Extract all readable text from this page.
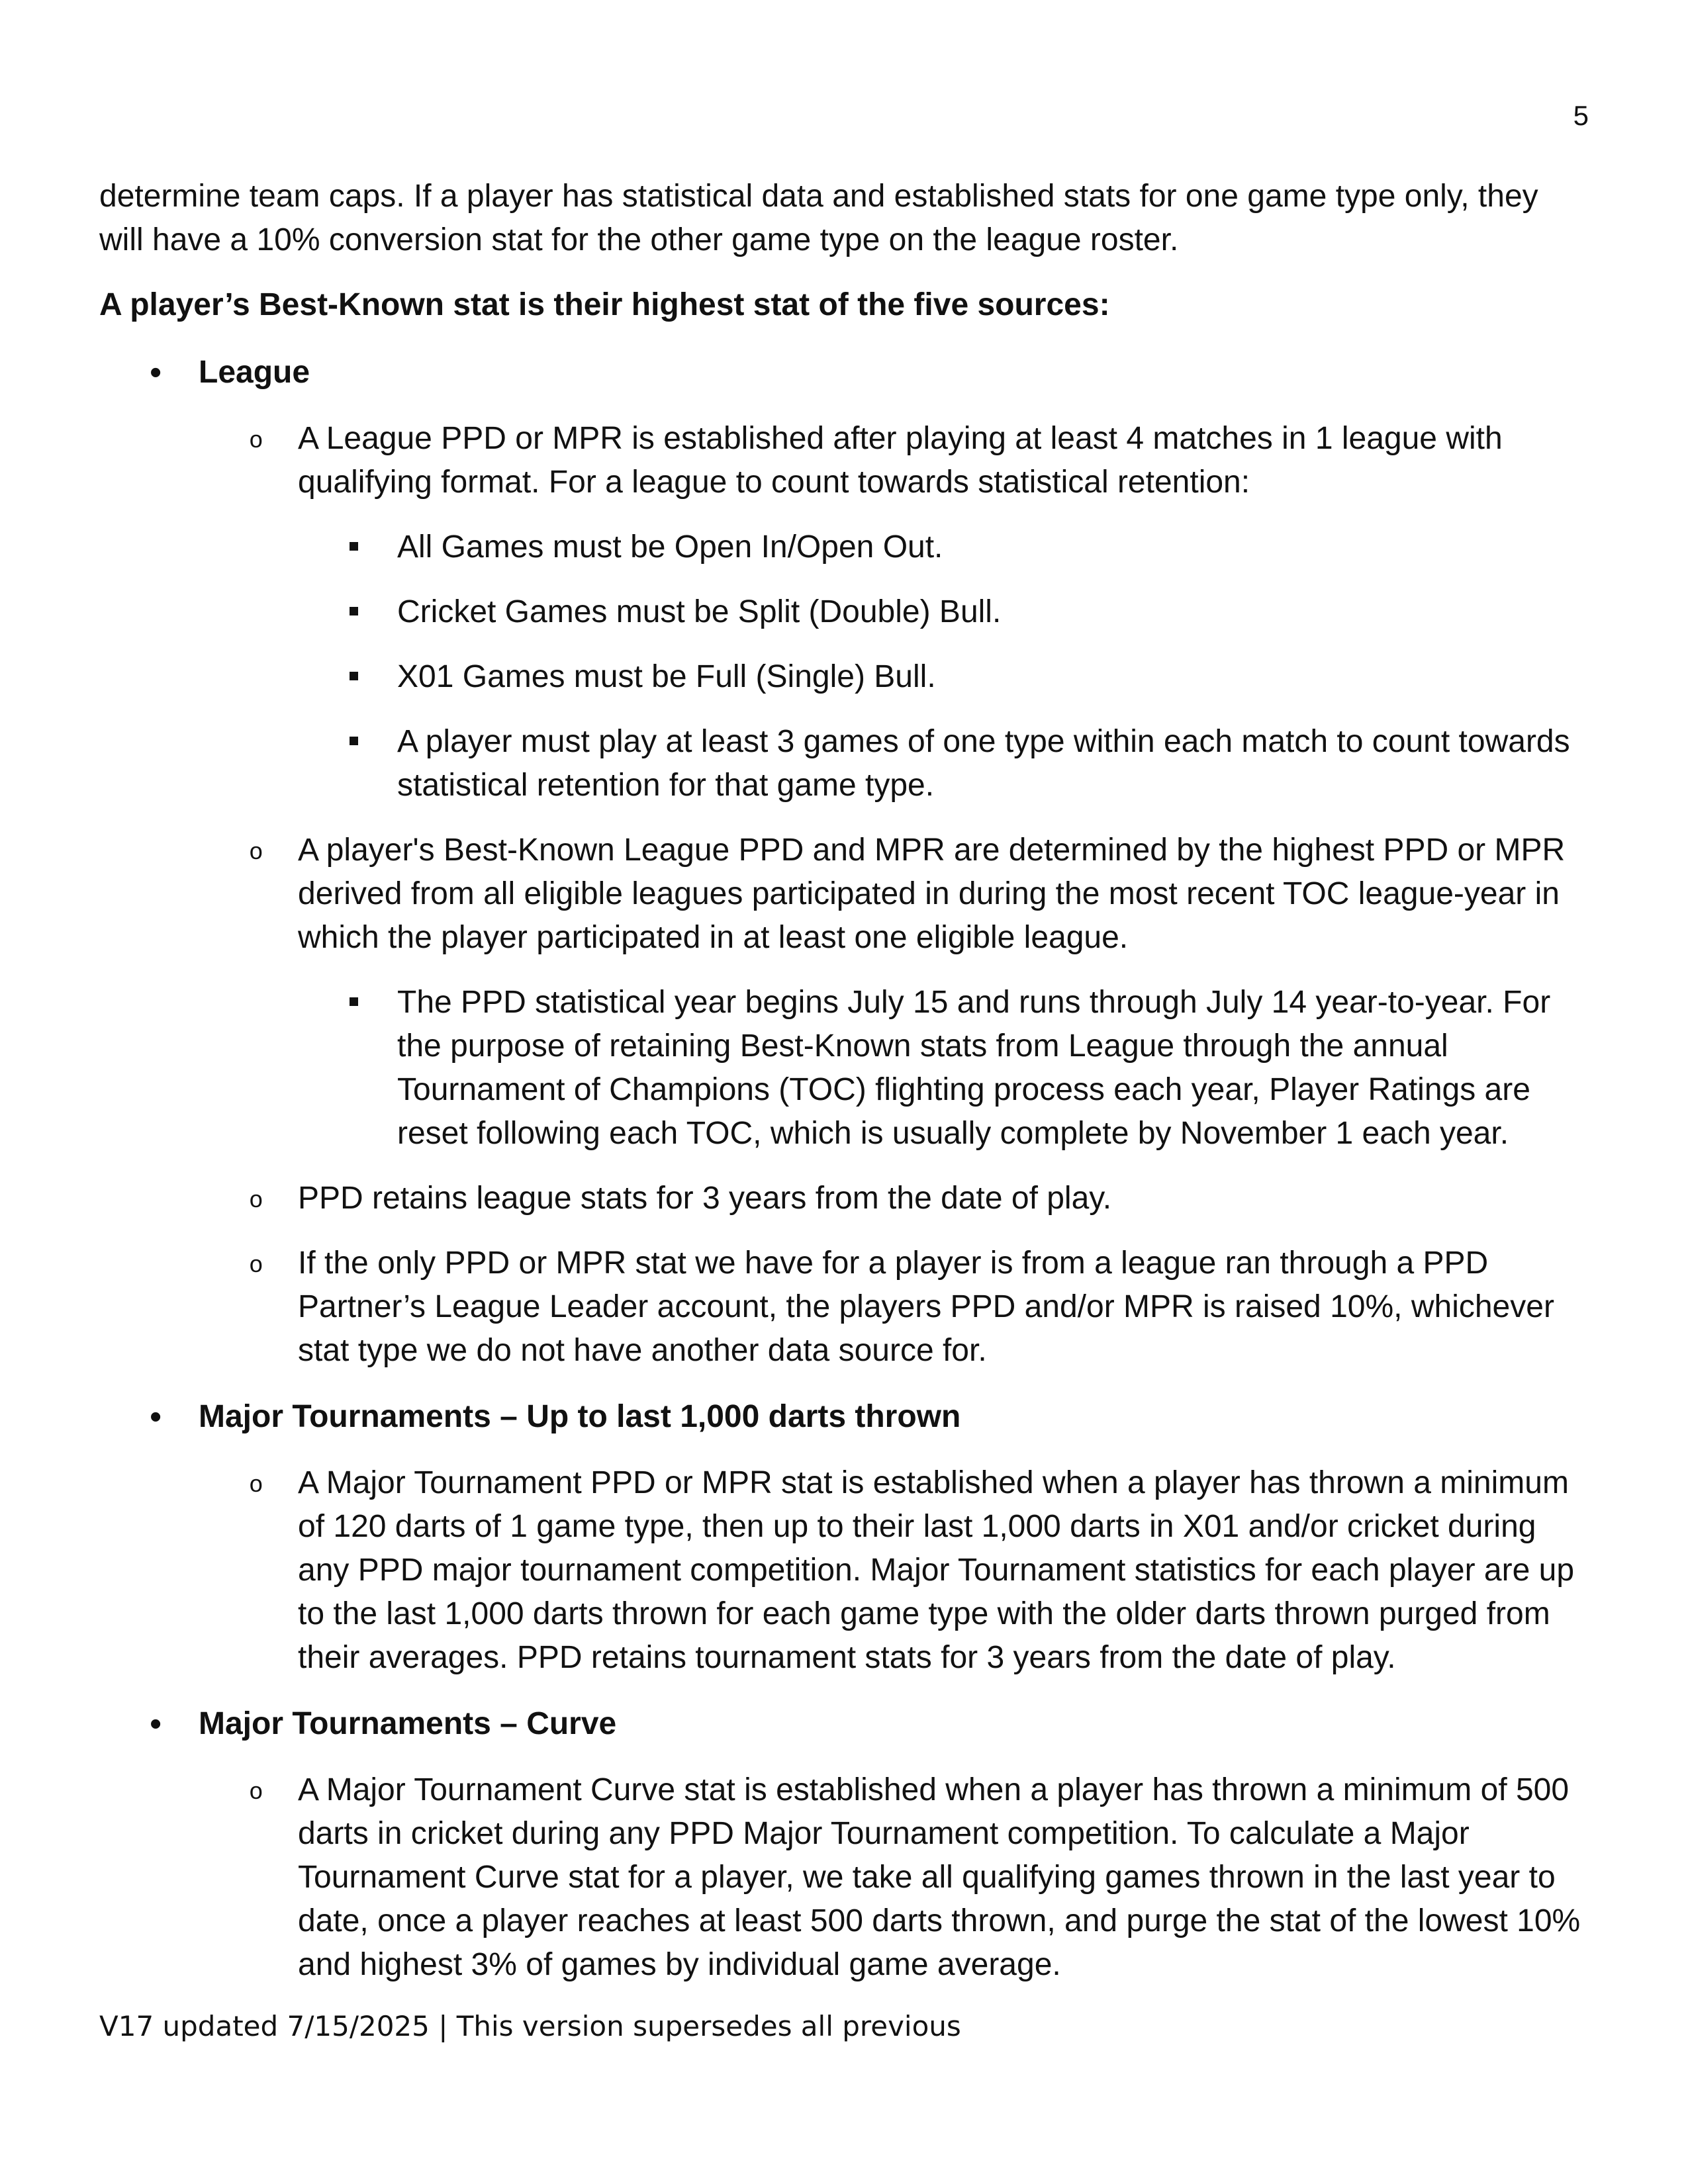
5

determine team caps. If a player has statistical data and established stats for one game type only, they will have a 10% conversion stat for the other game type on the league roster.

A player’s Best-Known stat is their highest stat of the five sources:

• League

o A League PPD or MPR is established after playing at least 4 matches in 1 league with qualifying format. For a league to count towards statistical retention:

All Games must be Open In/Open Out.
Cricket Games must be Split (Double) Bull.
X01 Games must be Full (Single) Bull.
A player must play at least 3 games of one type within each match to count towards statistical retention for that game type.

o A player's Best-Known League PPD and MPR are determined by the highest PPD or MPR derived from all eligible leagues participated in during the most recent TOC league-year in which the player participated in at least one eligible league.

The PPD statistical year begins July 15 and runs through July 14 year-to-year. For the purpose of retaining Best-Known stats from League through the annual Tournament of Champions (TOC) flighting process each year, Player Ratings are reset following each TOC, which is usually complete by November 1 each year.
o PPD retains league stats for 3 years from the date of play.
o If the only PPD or MPR stat we have for a player is from a league ran through a PPD Partner’s League Leader account, the players PPD and/or MPR is raised 10%, whichever stat type we do not have another data source for.

• Major Tournaments – Up to last 1,000 darts thrown

o A Major Tournament PPD or MPR stat is established when a player has thrown a minimum of 120 darts of 1 game type, then up to their last 1,000 darts in X01 and/or cricket during any PPD major tournament competition. Major Tournament statistics for each player are up to the last 1,000 darts thrown for each game type with the older darts thrown purged from their averages. PPD retains tournament stats for 3 years from the date of play.

• Major Tournaments – Curve

o A Major Tournament Curve stat is established when a player has thrown a minimum of 500 darts in cricket during any PPD Major Tournament competition. To calculate a Major Tournament Curve stat for a player, we take all qualifying games thrown in the last year to date, once a player reaches at least 500 darts thrown, and purge the stat of the lowest 10% and highest 3% of games by individual game average.
V17 updated 7/15/2025 | This version supersedes all previous
